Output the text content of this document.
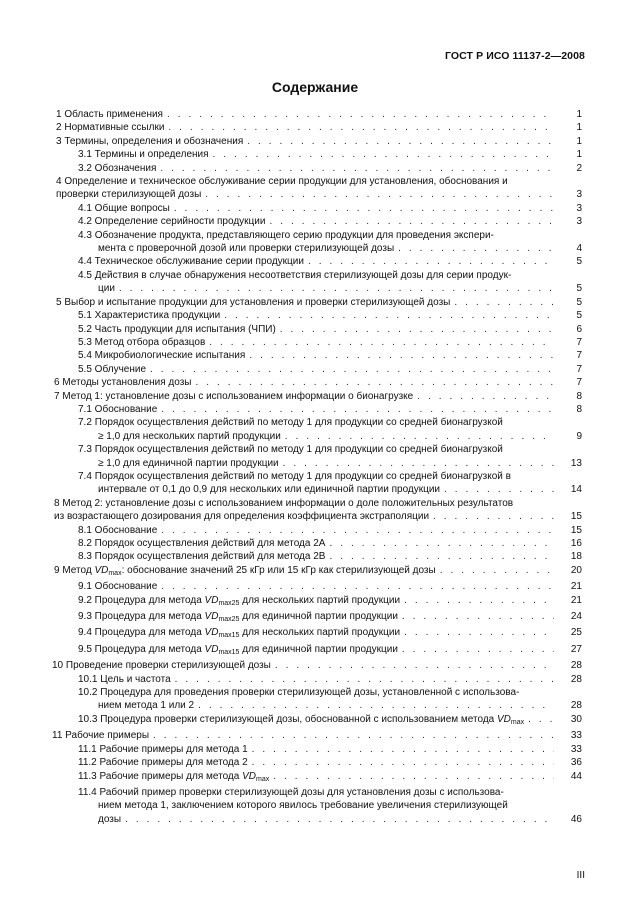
ГОСТ Р ИСО 11137-2—2008
Содержание
1 Область применения . . .	1
2 Нормативные ссылки . . .	1
3 Термины, определения и обозначения . . .	1
3.1 Термины и определения . . .	1
3.2 Обозначения . . .	2
4 Определение и техническое обслуживание серии продукции для установления, обоснования и
проверки стерилизующей дозы . . .	3
4.1 Общие вопросы . . .	3
4.2 Определение серийности продукции . . .	3
4.3 Обозначение продукта, представляющего серию продукции для проведения экспери-
мента с проверочной дозой или проверки стерилизующей дозы . . .	4
4.4 Техническое обслуживание серии продукции . . .	5
4.5 Действия в случае обнаружения несоответствия стерилизующей дозы для серии продук-
ции . . .	5
5 Выбор и испытание продукции для установления и проверки стерилизующей дозы . . .	5
5.1 Характеристика продукции . . .	5
5.2 Часть продукции для испытания (ЧПИ) . . .	6
5.3 Метод отбора образцов . . .	7
5.4 Микробиологические испытания . . .	7
5.5 Облучение . . .	7
6 Методы установления дозы . . .	7
7 Метод 1: установление дозы с использованием информации о бионагрузке . . .	8
7.1 Обоснование . . .	8
7.2 Порядок осуществления действий по методу 1 для продукции со средней бионагрузкой
≥ 1,0 для нескольких партий продукции . . .	9
7.3 Порядок осуществления действий по методу 1 для продукции со средней бионагрузкой
≥ 1,0 для единичной партии продукции . . .	13
7.4 Порядок осуществления действий по методу 1 для продукции со средней бионагрузкой в
интервале от 0,1 до 0,9 для нескольких или единичной партии продукции . . .	14
8 Метод 2: установление дозы с использованием информации о доле положительных результатов
из возрастающего дозирования для определения коэффициента экстраполяции . . .	15
8.1 Обоснование . . .	15
8.2 Порядок осуществления действий для метода 2А . . .	16
8.3 Порядок осуществления действий для метода 2В . . .	18
9 Метод $VD_{max}$: обоснование значений 25 кГр или 15 кГр как стерилизующей дозы . . .	20
9.1 Обоснование . . .	21
9.2 Процедура для метода $VD_{max25}$ для нескольких партий продукции . . .	21
9.3 Процедура для метода $VD_{max25}$ для единичной партии продукции . . .	24
9.4 Процедура для метода $VD_{max15}$ для нескольких партий продукции . . .	25
9.5 Процедура для метода $VD_{max15}$ для единичной партии продукции . . .	27
10 Проведение проверки стерилизующей дозы . . .	28
10.1 Цель и частота . . .	28
10.2 Процедура для проведения проверки стерилизующей дозы, установленной с использова-
нием метода 1 или 2 . . .	28
10.3 Процедура проверки стерилизующей дозы, обоснованной с использованием метода $VD_{max}$ . . .	30
11 Рабочие примеры . . .	33
11.1 Рабочие примеры для метода 1 . . .	33
11.2 Рабочие примеры для метода 2 . . .	36
11.3 Рабочие примеры для метода $VD_{max}$ . . .	44
11.4 Рабочий пример проверки стерилизующей дозы для установления дозы с использова-
нием метода 1, заключением которого явилось требование увеличения стерилизующей
дозы . . .	46
III
